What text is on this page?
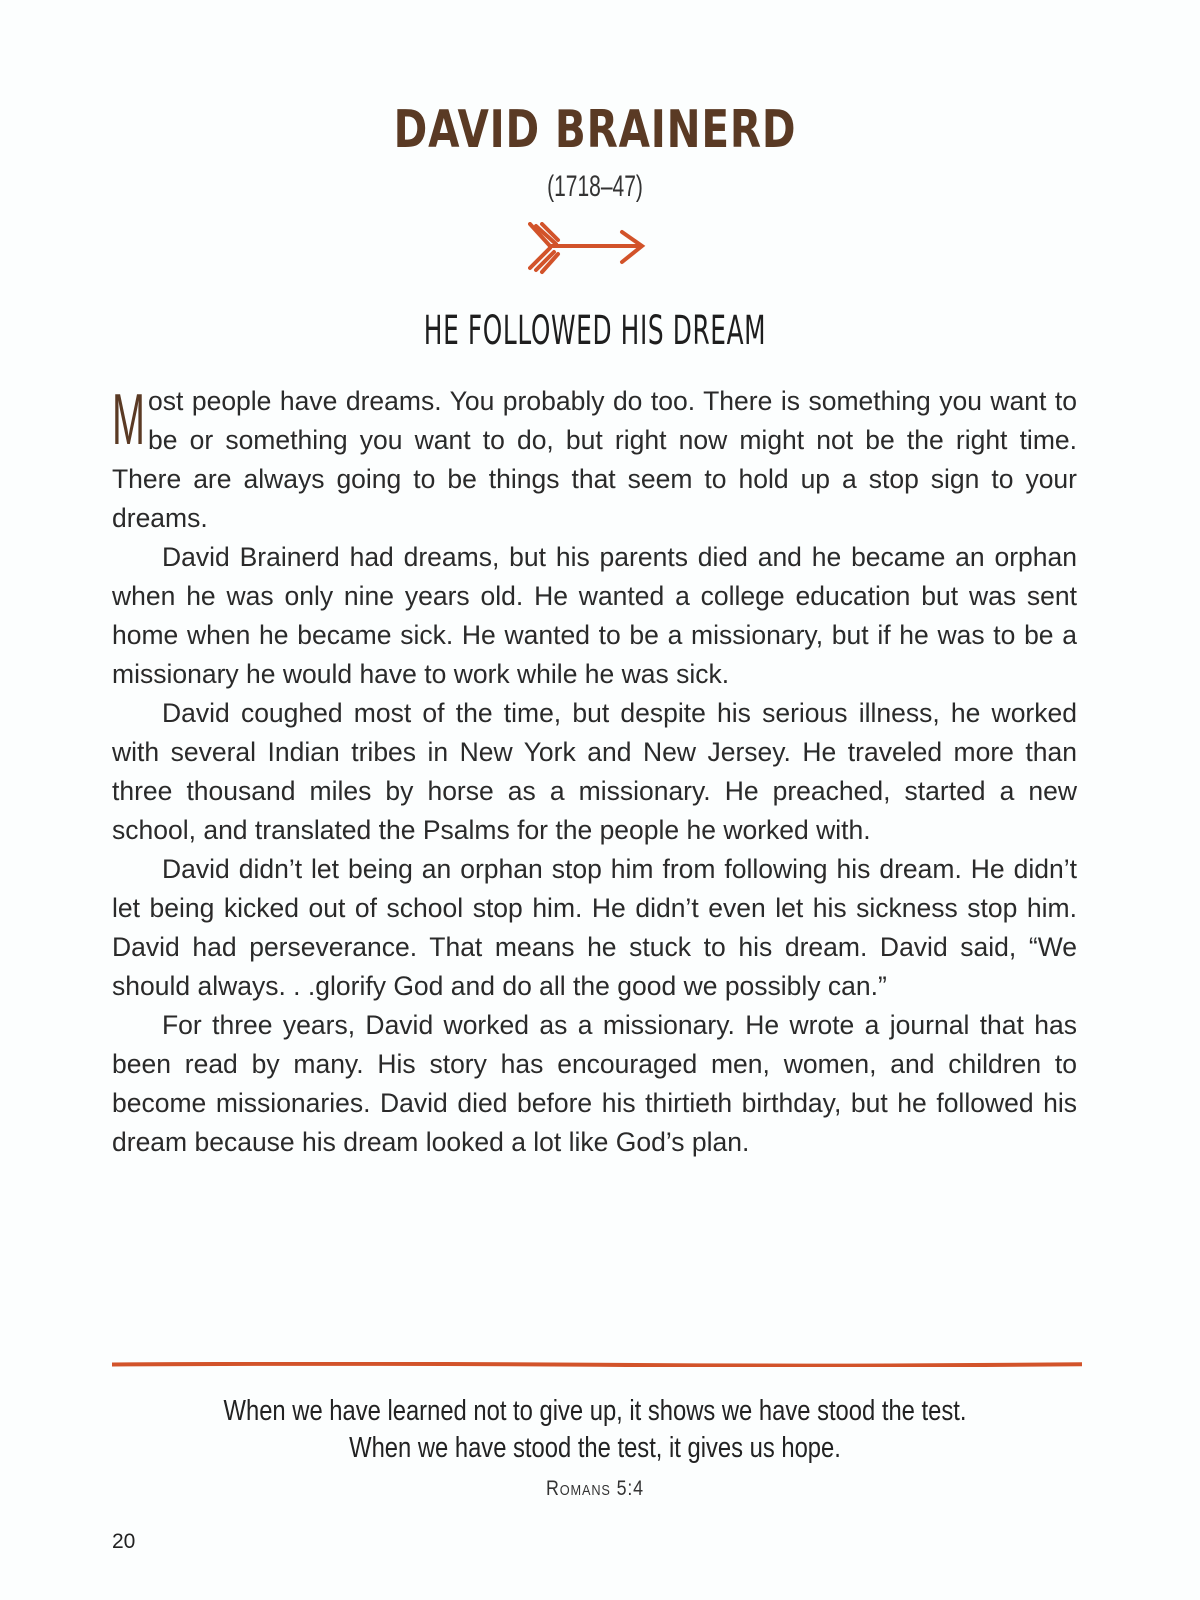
DAVID BRAINERD
(1718–47)
HE FOLLOWED HIS DREAM

Most people have dreams. You probably do too. There is something you want to be or something you want to do, but right now might not be the right time. There are always going to be things that seem to hold up a stop sign to your dreams.

David Brainerd had dreams, but his parents died and he became an orphan when he was only nine years old. He wanted a college education but was sent home when he became sick. He wanted to be a missionary, but if he was to be a missionary he would have to work while he was sick.

David coughed most of the time, but despite his serious illness, he worked with several Indian tribes in New York and New Jersey. He traveled more than three thousand miles by horse as a missionary. He preached, started a new school, and translated the Psalms for the people he worked with.

David didn’t let being an orphan stop him from following his dream. He didn’t let being kicked out of school stop him. He didn’t even let his sickness stop him. David had perseverance. That means he stuck to his dream. David said, “We should always. . .glorify God and do all the good we possibly can.”

For three years, David worked as a missionary. He wrote a journal that has been read by many. His story has encouraged men, women, and children to become missionaries. David died before his thirtieth birthday, but he followed his dream because his dream looked a lot like God’s plan.

When we have learned not to give up, it shows we have stood the test.
When we have stood the test, it gives us hope.
Romans 5:4
20
